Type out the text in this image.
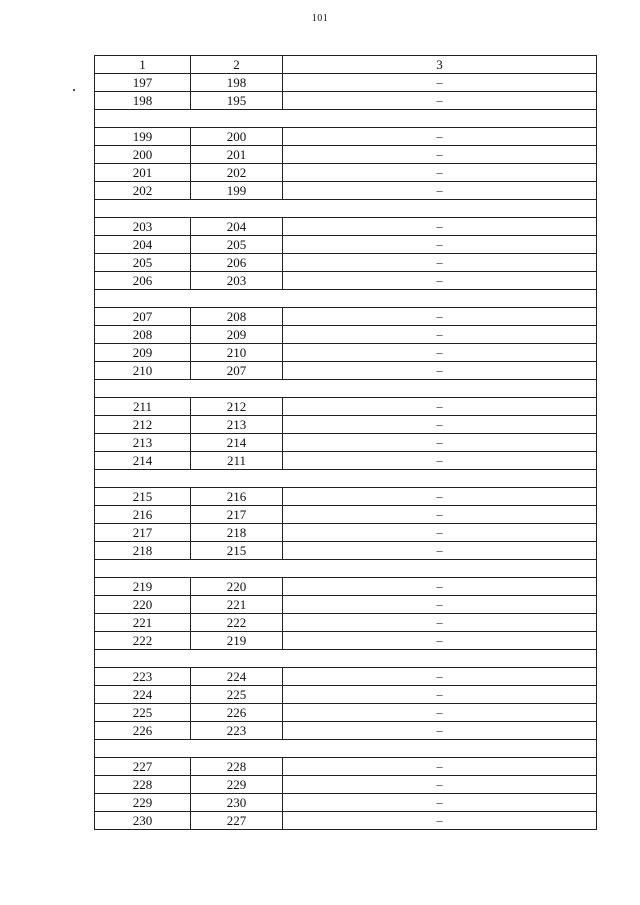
101
1	2	3
197	198	–
198	195	–

199	200	–
200	201	–
201	202	–
202	199	–

203	204	–
204	205	–
205	206	–
206	203	–

207	208	–
208	209	–
209	210	–
210	207	–

211	212	–
212	213	–
213	214	–
214	211	–

215	216	–
216	217	–
217	218	–
218	215	–

219	220	–
220	221	–
221	222	–
222	219	–

223	224	–
224	225	–
225	226	–
226	223	–

227	228	–
228	229	–
229	230	–
230	227	–
